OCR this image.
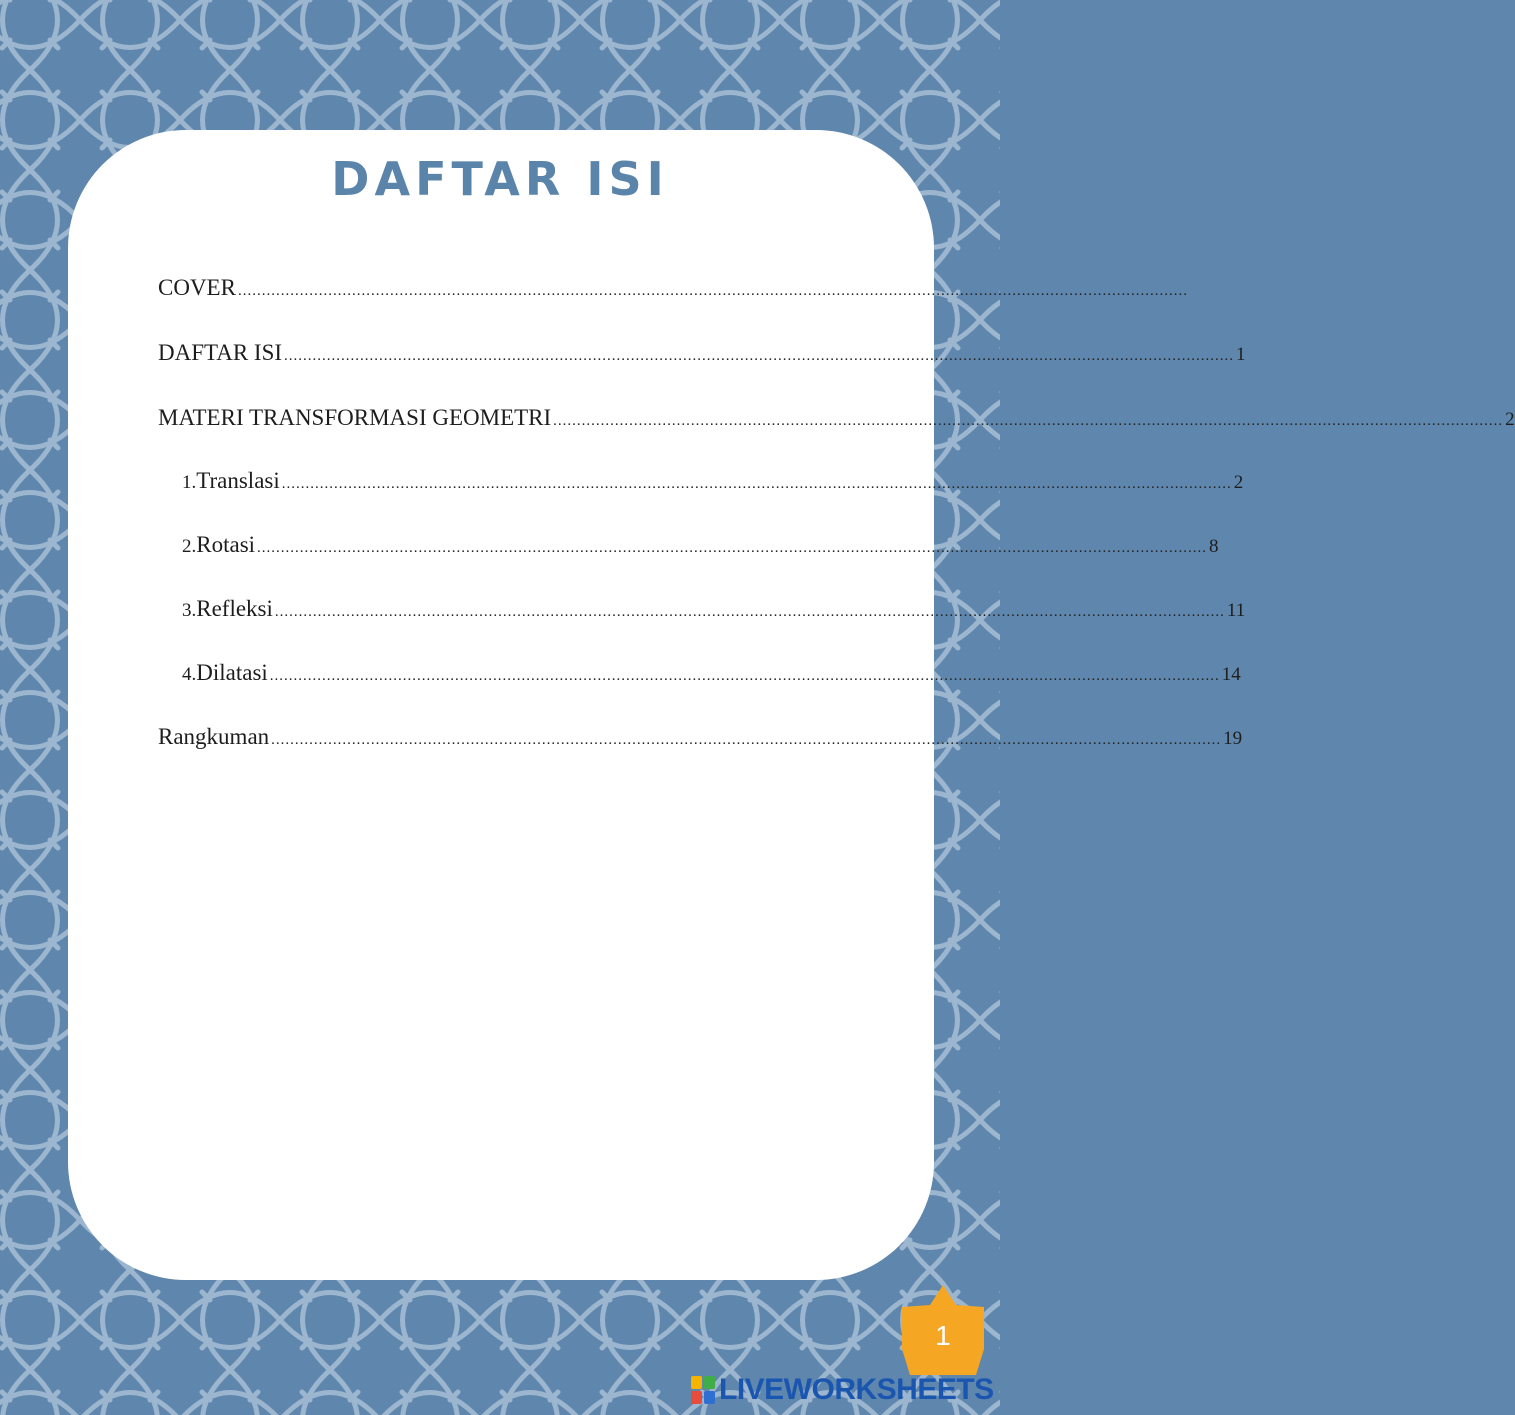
DAFTAR ISI
COVER ........................................................................................................................................................................................................
DAFTAR ISI ........................................................................................................................................................................................................ 1
MATERI TRANSFORMASI GEOMETRI ........................................................................................................................................................................................................ 2
1. Translasi ........................................................................................................................................................................................................ 2
2. Rotasi ........................................................................................................................................................................................................ 8
3. Refleksi ........................................................................................................................................................................................................ 11
4. Dilatasi ........................................................................................................................................................................................................ 14
Rangkuman ........................................................................................................................................................................................................ 19
1
LIVEWORKSHEETS
